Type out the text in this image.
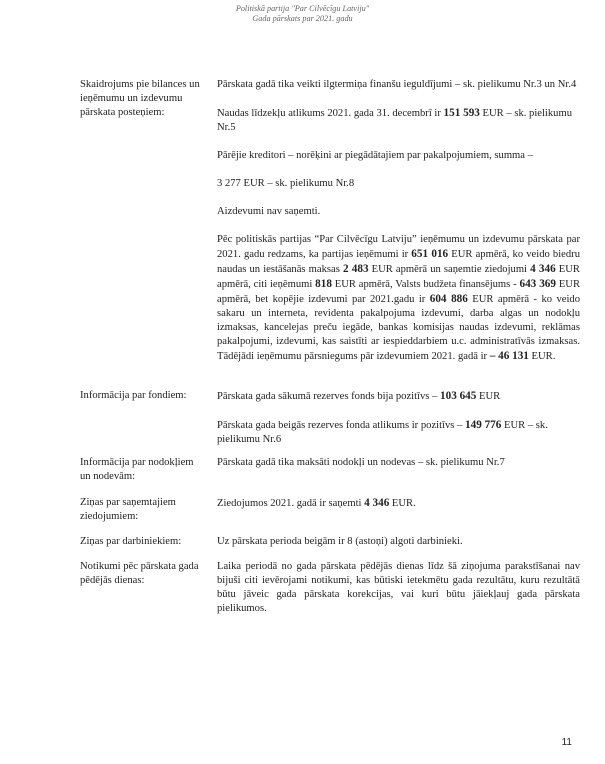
Politiskā partija "Par Cilvēcīgu Latviju"
Gada pārskats par 2021. gadu
Skaidrojums pie bilances un ieņēmumu un izdevumu pārskata posteņiem:

Pārskata gadā tika veikti ilgtermiņa finanšu ieguldījumi – sk. pielikumu Nr.3 un Nr.4

Naudas līdzekļu atlikums 2021. gada 31. decembrī ir 151 593 EUR – sk. pielikumu Nr.5

Pārējie kreditori – norēķini ar piegādātajiem par pakalpojumiem, summa –

3 277 EUR – sk. pielikumu Nr.8

Aizdevumi nav saņemti.

Pēc politiskās partijas “Par Cilvēcīgu Latviju” ieņēmumu un izdevumu pārskata par 2021. gadu redzams, ka partijas ieņēmumi ir 651 016 EUR apmērā, ko veido biedru naudas un iestāšanās maksas 2 483 EUR apmērā un saņemtie ziedojumi 4 346 EUR apmērā, citi ieņēmumi 818 EUR apmērā, Valsts budžeta finansējums - 643 369 EUR apmērā, bet kopējie izdevumi par 2021.gadu ir 604 886 EUR apmērā - ko veido sakaru un interneta, revidenta pakalpojuma izdevumi, darba algas un nodokļu izmaksas, kancelejas preču iegāde, bankas komisijas naudas izdevumi, reklāmas pakalpojumi, izdevumi, kas saistīti ar iespieddarbiem u.c. administratīvās izmaksas. Tādējādi ieņēmumu pārsniegums pār izdevumiem 2021. gadā ir – 46 131 EUR.

Informācija par fondiem:	Pārskata gada sākumā rezerves fonds bija pozitīvs – 103 645 EUR

Pārskata gada beigās rezerves fonda atlikums ir pozitīvs – 149 776 EUR – sk. pielikumu Nr.6

Informācija par nodokļiem un nodevām:

Pārskata gadā tika maksāti nodokļi un nodevas – sk. pielikumu Nr.7

Ziņas par saņemtajiem ziedojumiem:

Ziedojumos 2021. gadā ir saņemti 4 346 EUR.

Ziņas par darbiniekiem:	Uz pārskata perioda beigām ir 8 (astoņi) algoti darbinieki.

Notikumi pēc pārskata gada pēdējās dienas:

Laika periodā no gada pārskata pēdējās dienas līdz šā ziņojuma parakstīšanai nav bijuši citi ievērojami notikumi, kas būtiski ietekmētu gada rezultātu, kuru rezultātā būtu jāveic gada pārskata korekcijas, vai kuri būtu jāiekļauj gada pārskata pielikumos.

11
